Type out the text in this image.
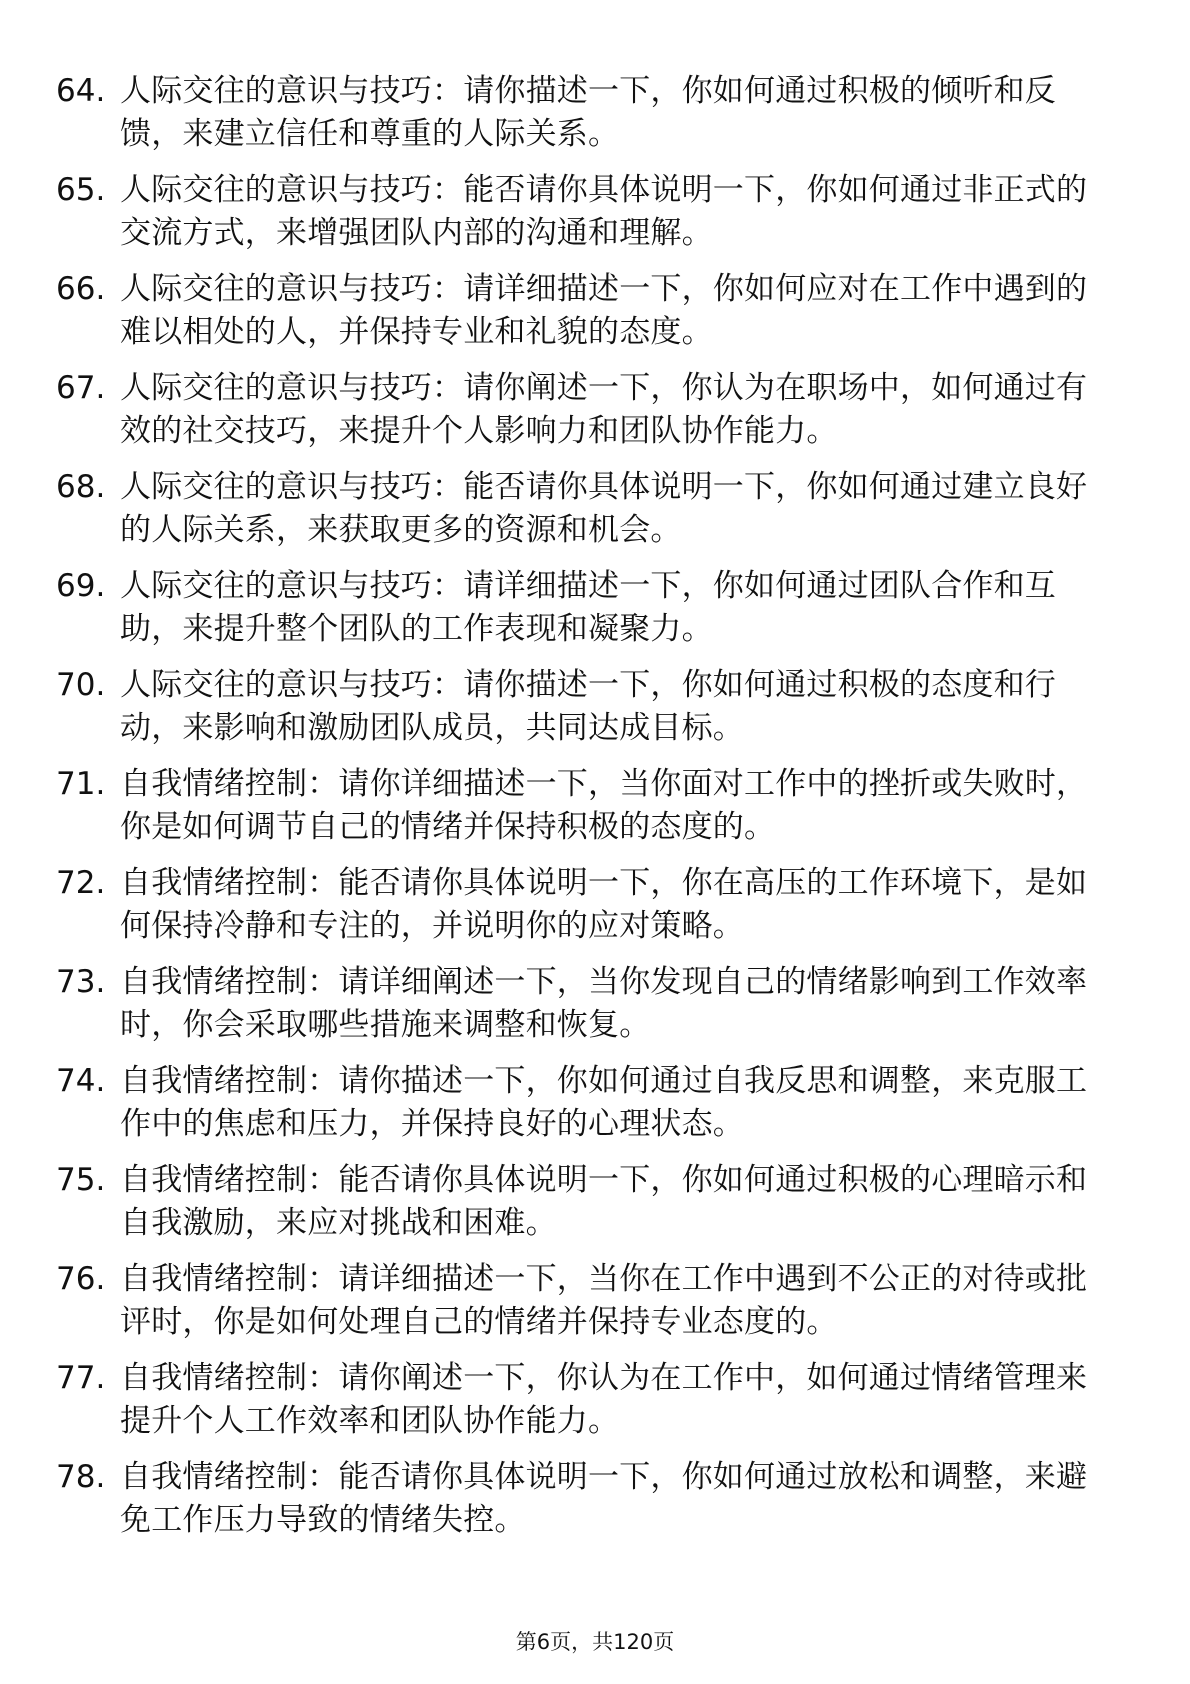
64. 人际交往的意识与技巧：请你描述一下，你如何通过积极的倾听和反馈，来建立信任和尊重的人际关系。
65. 人际交往的意识与技巧：能否请你具体说明一下，你如何通过非正式的交流方式，来增强团队内部的沟通和理解。
66. 人际交往的意识与技巧：请详细描述一下，你如何应对在工作中遇到的难以相处的人，并保持专业和礼貌的态度。
67. 人际交往的意识与技巧：请你阐述一下，你认为在职场中，如何通过有效的社交技巧，来提升个人影响力和团队协作能力。
68. 人际交往的意识与技巧：能否请你具体说明一下，你如何通过建立良好的人际关系，来获取更多的资源和机会。
69. 人际交往的意识与技巧：请详细描述一下，你如何通过团队合作和互助，来提升整个团队的工作表现和凝聚力。
70. 人际交往的意识与技巧：请你描述一下，你如何通过积极的态度和行动，来影响和激励团队成员，共同达成目标。
71. 自我情绪控制：请你详细描述一下，当你面对工作中的挫折或失败时，你是如何调节自己的情绪并保持积极的态度的。
72. 自我情绪控制：能否请你具体说明一下，你在高压的工作环境下，是如何保持冷静和专注的，并说明你的应对策略。
73. 自我情绪控制：请详细阐述一下，当你发现自己的情绪影响到工作效率时，你会采取哪些措施来调整和恢复。
74. 自我情绪控制：请你描述一下，你如何通过自我反思和调整，来克服工作中的焦虑和压力，并保持良好的心理状态。
75. 自我情绪控制：能否请你具体说明一下，你如何通过积极的心理暗示和自我激励，来应对挑战和困难。
76. 自我情绪控制：请详细描述一下，当你在工作中遇到不公正的对待或批评时，你是如何处理自己的情绪并保持专业态度的。
77. 自我情绪控制：请你阐述一下，你认为在工作中，如何通过情绪管理来提升个人工作效率和团队协作能力。
78. 自我情绪控制：能否请你具体说明一下，你如何通过放松和调整，来避免工作压力导致的情绪失控。
第6页，共120页
